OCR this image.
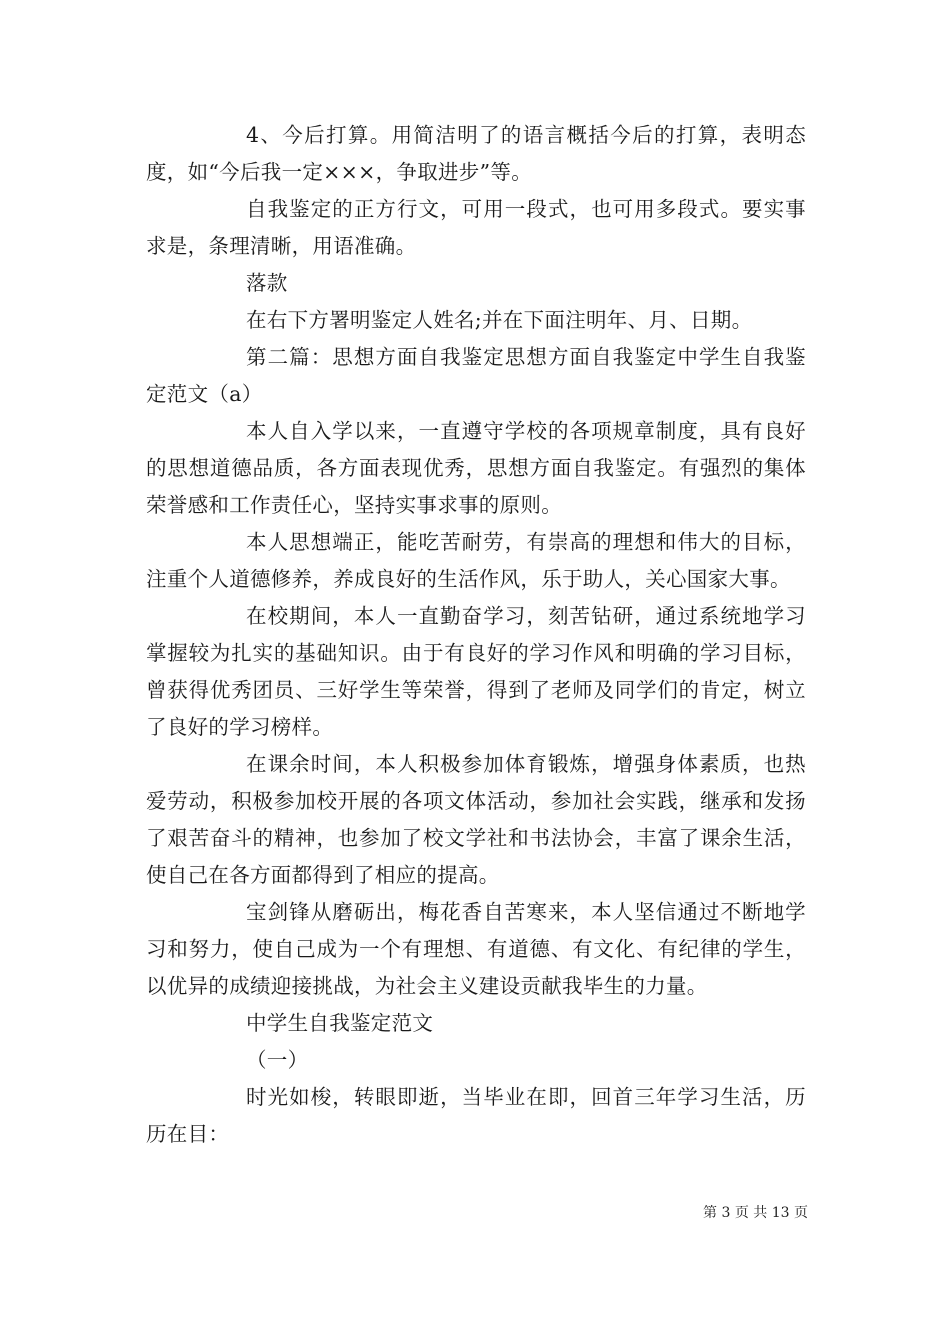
4、今后打算。用简洁明了的语言概括今后的打算，表明态度，如“今后我一定×××，争取进步”等。

自我鉴定的正方行文，可用一段式，也可用多段式。要实事求是，条理清晰，用语准确。

落款

在右下方署明鉴定人姓名;并在下面注明年、月、日期。

第二篇：思想方面自我鉴定思想方面自我鉴定中学生自我鉴定范文（a）

本人自入学以来，一直遵守学校的各项规章制度，具有良好的思想道德品质，各方面表现优秀，思想方面自我鉴定。有强烈的集体荣誉感和工作责任心，坚持实事求事的原则。

本人思想端正，能吃苦耐劳，有崇高的理想和伟大的目标，注重个人道德修养，养成良好的生活作风，乐于助人，关心国家大事。

在校期间，本人一直勤奋学习，刻苦钻研，通过系统地学习掌握较为扎实的基础知识。由于有良好的学习作风和明确的学习目标，曾获得优秀团员、三好学生等荣誉，得到了老师及同学们的肯定，树立了良好的学习榜样。

在课余时间，本人积极参加体育锻炼，增强身体素质，也热爱劳动，积极参加校开展的各项文体活动，参加社会实践，继承和发扬了艰苦奋斗的精神，也参加了校文学社和书法协会，丰富了课余生活，使自己在各方面都得到了相应的提高。

宝剑锋从磨砺出，梅花香自苦寒来，本人坚信通过不断地学习和努力，使自己成为一个有理想、有道德、有文化、有纪律的学生，以优异的成绩迎接挑战，为社会主义建设贡献我毕生的力量。

中学生自我鉴定范文

（一）

时光如梭，转眼即逝，当毕业在即，回首三年学习生活，历历在目：

第 3 页 共 13 页
